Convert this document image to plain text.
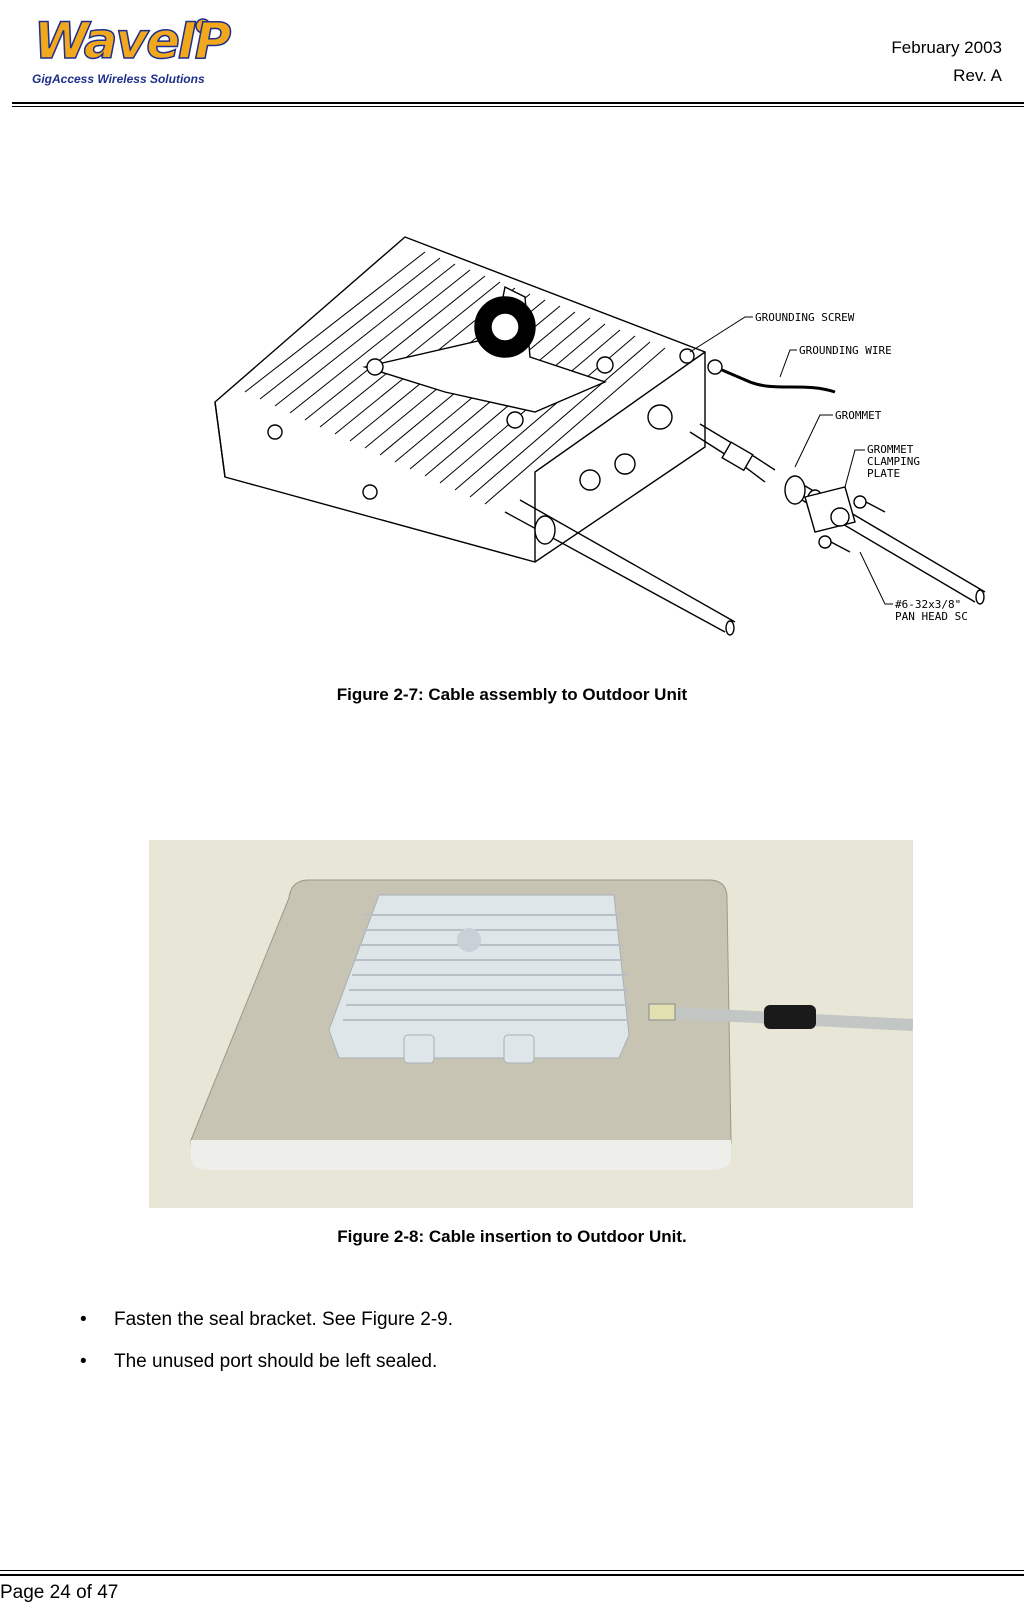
WaveIP
GigAccess Wireless Solutions
February 2003
Rev. A
GROUNDING SCREW
GROUNDING WIRE
GROMMET
GROMMET
CLAMPING
PLATE
#6-32x3/8"
PAN HEAD SC
Figure 2-7: Cable assembly to Outdoor Unit
Figure 2-8: Cable insertion to Outdoor Unit.
• Fasten the seal bracket. See Figure 2-9.
• The unused port should be left sealed.
Page 24 of 47
